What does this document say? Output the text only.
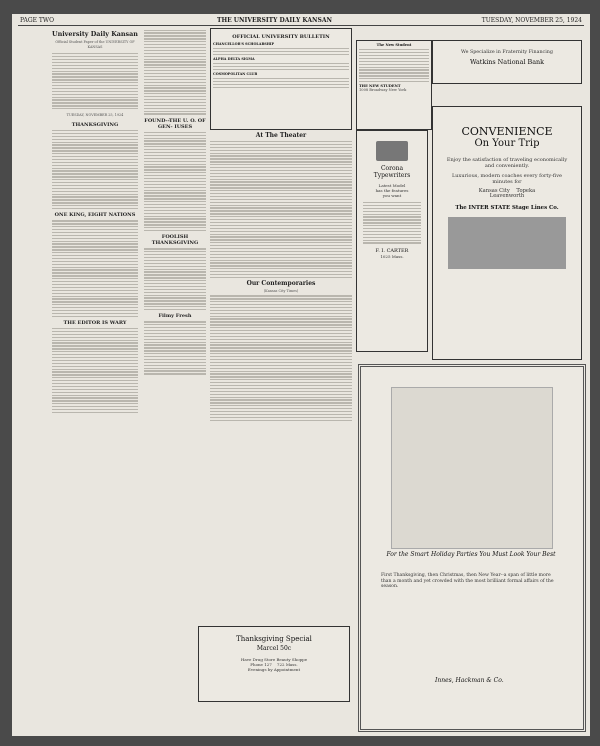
PAGE TWO	THE UNIVERSITY DAILY KANSAN	TUESDAY, NOVEMBER 25, 1924
University Daily Kansan
Official Student Paper of the UNIVERSITY OF KANSAS
TUESDAY, NOVEMBER 25, 1924
THANKSGIVING
ONE KING, EIGHT NATIONS
THE EDITOR IS WARY
FOUND--THE U. O. OF GEN- IUSES
FOOLISH THANKSGIVING
Filmy Fresh
OFFICIAL UNIVERSITY BULLETIN
CHANCELLOR'S SCHOLARSHIP
ALPHA DELTA SIGMA
COSMOPOLITAN CLUB
At The Theater
Our Contemporaries
(Kansas City Times)
Thanksgiving Special
Marcel 50c
Have Drug Store Beauty Shoppe
Phone 127 722 Mass.
Evenings by Appointment
The New Student
THE NEW STUDENT
1008 Broadway New York
We Specialize in Fraternity Financing
Watkins National Bank
Corona
Typewriters
Latest Model
has the features
you want
F. I. CARTER
1025 Mass.
CONVENIENCE
On Your Trip
Enjoy the satisfaction of traveling economically and conveniently.
Luxurious, modern coaches every forty-five minutes for
Kansas City Topeka
Leavenworth
The INTER STATE Stage Lines Co.
For the Smart Holiday Parties You Must Look Your Best
First Thanksgiving, then Christmas, then New Year--a span of little more than a month and yet crowded with the most brilliant formal affairs of the season.
Innes, Hackman & Co.
